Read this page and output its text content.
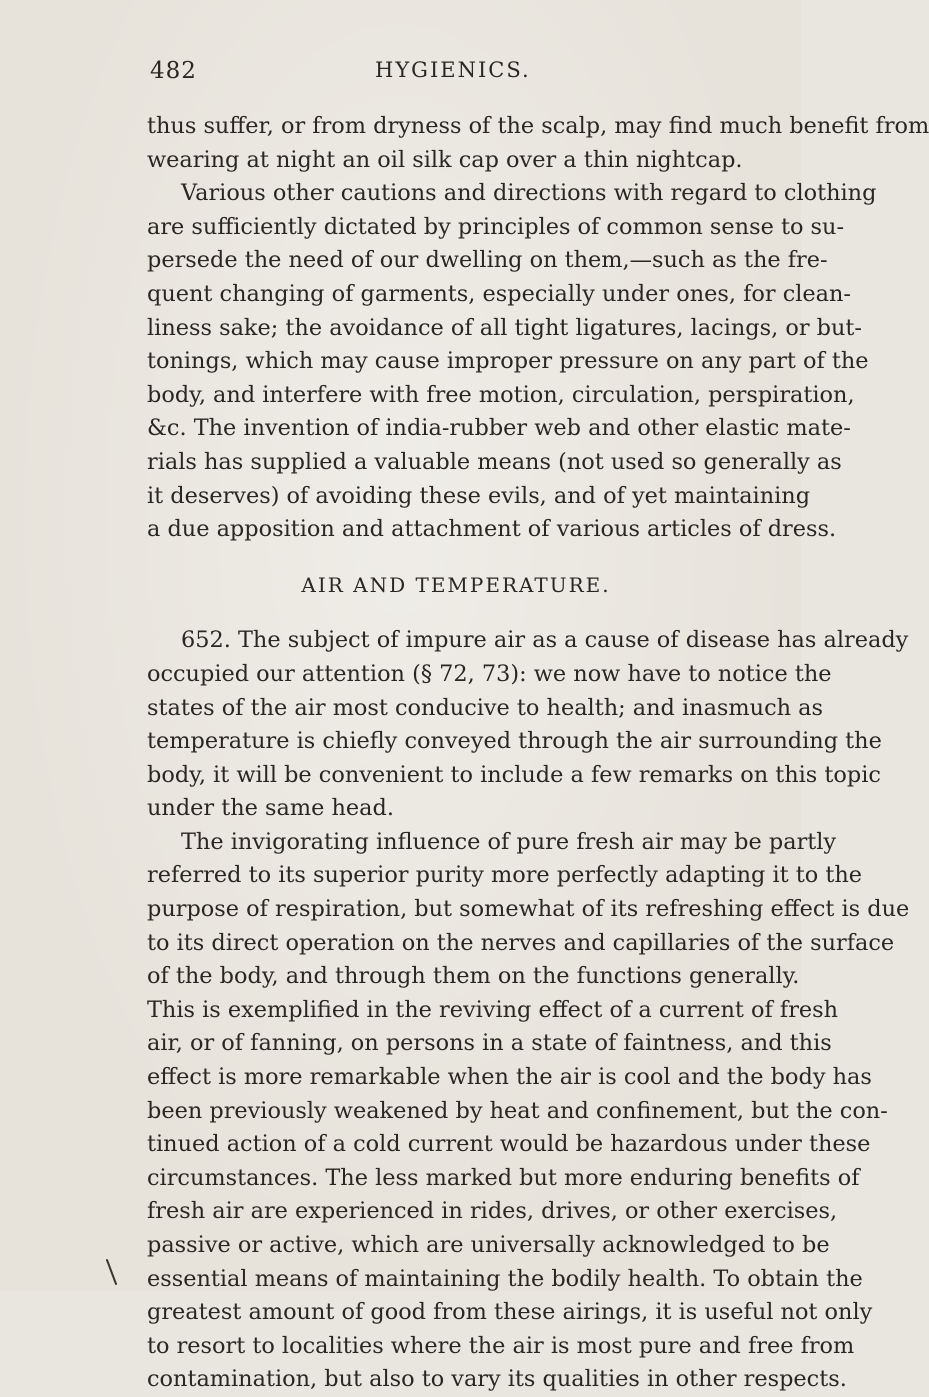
482	HYGIENICS.
thus suffer, or from dryness of the scalp, may find much benefit from
wearing at night an oil silk cap over a thin nightcap.
Various other cautions and directions with regard to clothing
are sufficiently dictated by principles of common sense to su-
persede the need of our dwelling on them,—such as the fre-
quent changing of garments, especially under ones, for clean-
liness sake; the avoidance of all tight ligatures, lacings, or but-
tonings, which may cause improper pressure on any part of the
body, and interfere with free motion, circulation, perspiration,
&c. The invention of india-rubber web and other elastic mate-
rials has supplied a valuable means (not used so generally as
it deserves) of avoiding these evils, and of yet maintaining
a due apposition and attachment of various articles of dress.
AIR AND TEMPERATURE.
652. The subject of impure air as a cause of disease has already
occupied our attention (§ 72, 73): we now have to notice the
states of the air most conducive to health; and inasmuch as
temperature is chiefly conveyed through the air surrounding the
body, it will be convenient to include a few remarks on this topic
under the same head.
The invigorating influence of pure fresh air may be partly
referred to its superior purity more perfectly adapting it to the
purpose of respiration, but somewhat of its refreshing effect is due
to its direct operation on the nerves and capillaries of the surface
of the body, and through them on the functions generally.
This is exemplified in the reviving effect of a current of fresh
air, or of fanning, on persons in a state of faintness, and this
effect is more remarkable when the air is cool and the body has
been previously weakened by heat and confinement, but the con-
tinued action of a cold current would be hazardous under these
circumstances. The less marked but more enduring benefits of
fresh air are experienced in rides, drives, or other exercises,
passive or active, which are universally acknowledged to be
essential means of maintaining the bodily health. To obtain the
greatest amount of good from these airings, it is useful not only
to resort to localities where the air is most pure and free from
contamination, but also to vary its qualities in other respects.
